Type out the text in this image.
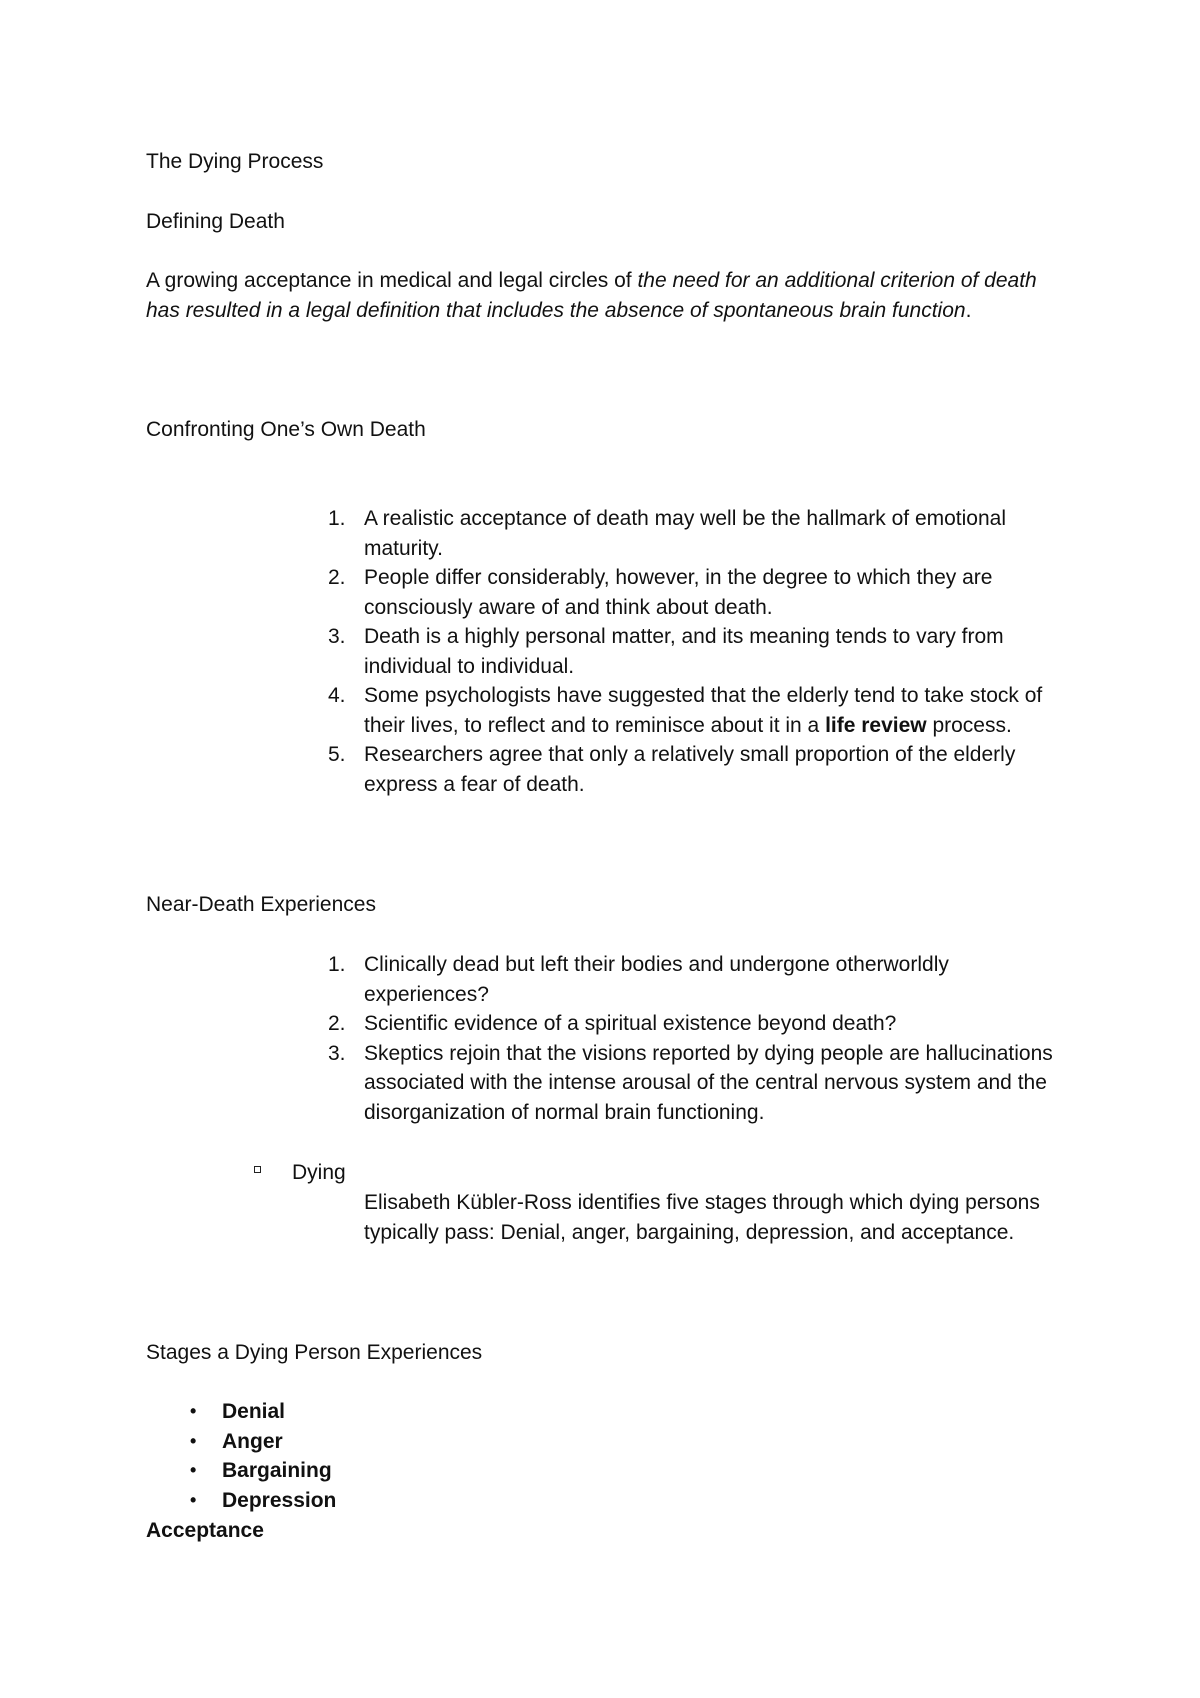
The Dying Process
Defining Death
A growing acceptance in medical and legal circles of the need for an additional criterion of death has resulted in a legal definition that includes the absence of spontaneous brain function.
Confronting One’s Own Death
1. A realistic acceptance of death may well be the hallmark of emotional maturity.
2. People differ considerably, however, in the degree to which they are consciously aware of and think about death.
3. Death is a highly personal matter, and its meaning tends to vary from individual to individual.
4. Some psychologists have suggested that the elderly tend to take stock of their lives, to reflect and to reminisce about it in a life review process.
5. Researchers agree that only a relatively small proportion of the elderly express a fear of death.
Near-Death Experiences
1. Clinically dead but left their bodies and undergone otherworldly experiences?
2. Scientific evidence of a spiritual existence beyond death?
3. Skeptics rejoin that the visions reported by dying people are hallucinations associated with the intense arousal of the central nervous system and the disorganization of normal brain functioning.
Dying
Elisabeth Kübler-Ross identifies five stages through which dying persons typically pass: Denial, anger, bargaining, depression, and acceptance.
Stages a Dying Person Experiences
• Denial
• Anger
• Bargaining
• Depression
Acceptance
